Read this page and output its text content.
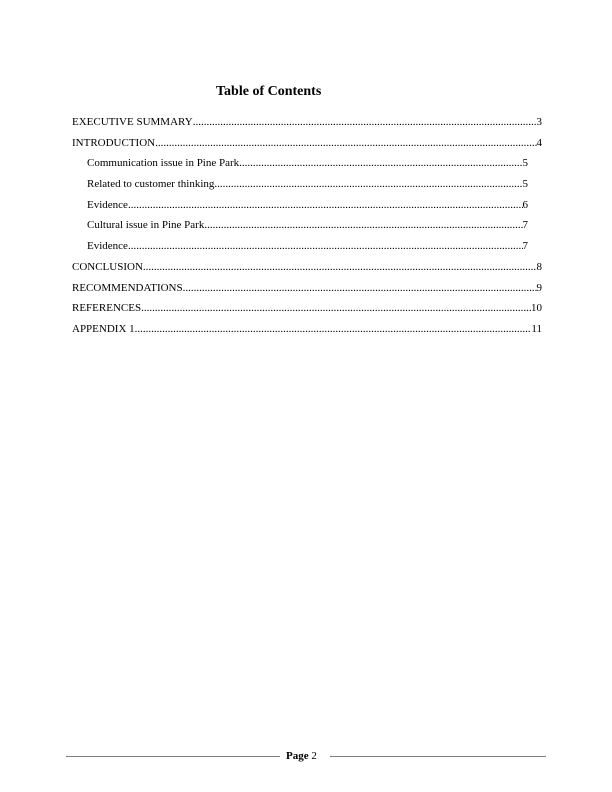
Table of Contents
EXECUTIVE SUMMARY .....	3
INTRODUCTION .....	4
Communication issue in Pine Park .....	5
Related to customer thinking .....	5
Evidence .....	6
Cultural issue in Pine Park .....	7
Evidence .....	7
CONCLUSION .....	8
RECOMMENDATIONS .....	9
REFERENCES .....	10
APPENDIX 1 .....	11
Page 2
